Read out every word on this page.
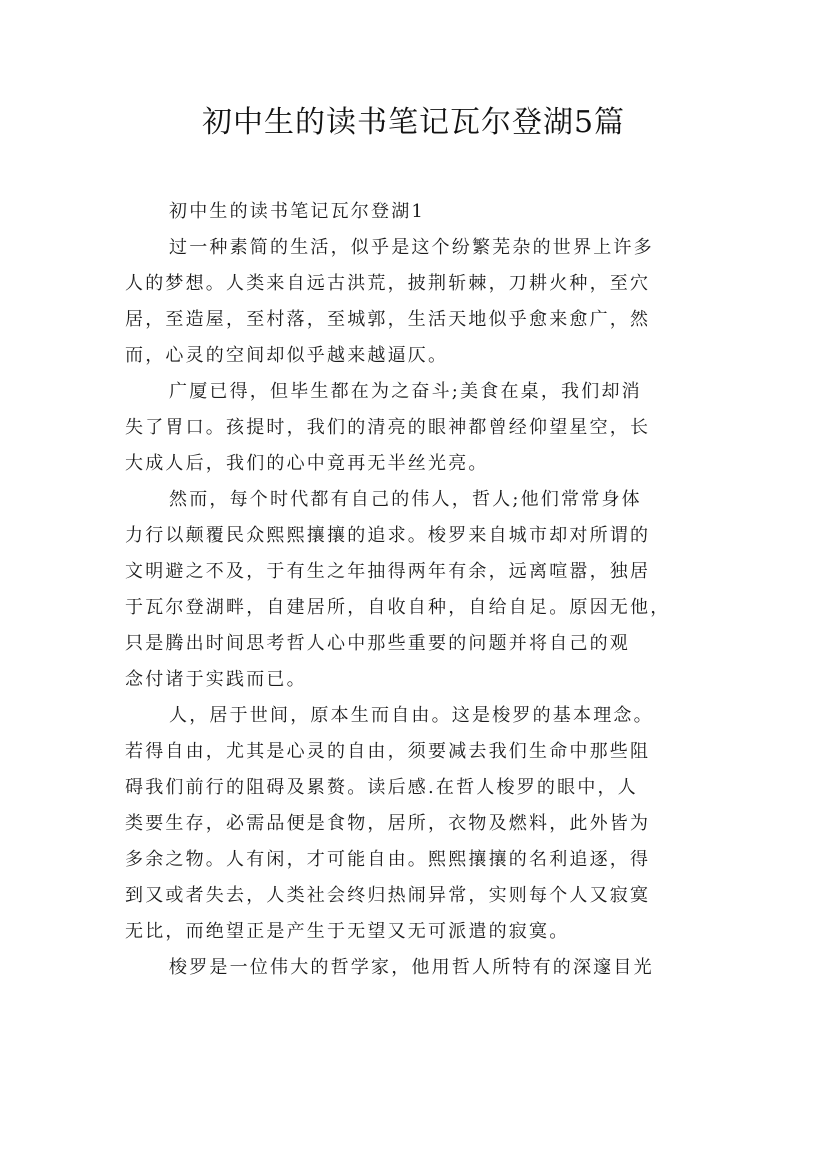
初中生的读书笔记瓦尔登湖5篇
初中生的读书笔记瓦尔登湖1
过一种素简的生活，似乎是这个纷繁芜杂的世界上许多
人的梦想。人类来自远古洪荒，披荆斩棘，刀耕火种，至穴
居，至造屋，至村落，至城郭，生活天地似乎愈来愈广，然
而，心灵的空间却似乎越来越逼仄。
广厦已得，但毕生都在为之奋斗;美食在桌，我们却消
失了胃口。孩提时，我们的清亮的眼神都曾经仰望星空，长
大成人后，我们的心中竟再无半丝光亮。
然而，每个时代都有自己的伟人，哲人;他们常常身体
力行以颠覆民众熙熙攘攘的追求。梭罗来自城市却对所谓的
文明避之不及，于有生之年抽得两年有余，远离喧嚣，独居
于瓦尔登湖畔，自建居所，自收自种，自给自足。原因无他，
只是腾出时间思考哲人心中那些重要的问题并将自己的观
念付诸于实践而已。
人，居于世间，原本生而自由。这是梭罗的基本理念。
若得自由，尤其是心灵的自由，须要减去我们生命中那些阻
碍我们前行的阻碍及累赘。读后感.在哲人梭罗的眼中，人
类要生存，必需品便是食物，居所，衣物及燃料，此外皆为
多余之物。人有闲，才可能自由。熙熙攘攘的名利追逐，得
到又或者失去，人类社会终归热闹异常，实则每个人又寂寞
无比，而绝望正是产生于无望又无可派遣的寂寞。
梭罗是一位伟大的哲学家，他用哲人所特有的深邃目光
